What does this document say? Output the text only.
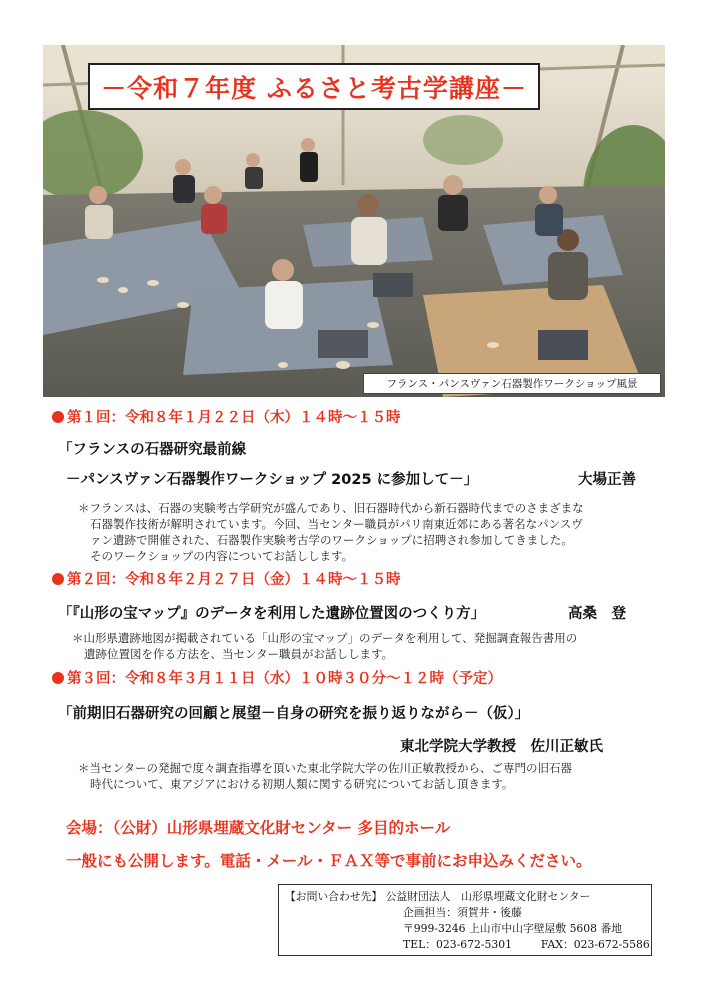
－令和７年度 ふるさと考古学講座－
フランス・パンスヴァン石器製作ワークショップ風景
第１回：令和８年１月２２日（木）１４時～１５時
「フランスの石器研究最前線
－パンスヴァン石器製作ワークショップ 2025 に参加して－」	大場正善
＊フランスは、石器の実験考古学研究が盛んであり、旧石器時代から新石器時代までのさまざまな
石器製作技術が解明されています。今回、当センター職員がパリ南東近郊にある著名なパンスヴ
ァン遺跡で開催された、石器製作実験考古学のワークショップに招聘され参加してきました。
そのワークショップの内容についてお話しします。
第２回：令和８年２月２７日（金）１４時～１５時
「『山形の宝マップ』のデータを利用した遺跡位置図のつくり方」	高桑　登
＊山形県遺跡地図が掲載されている「山形の宝マップ」のデータを利用して、発掘調査報告書用の
遺跡位置図を作る方法を、当センター職員がお話しします。
第３回：令和８年３月１１日（水）１０時３０分～１２時（予定）
「前期旧石器研究の回顧と展望－自身の研究を振り返りながら－（仮）」
東北学院大学教授　佐川正敏氏
＊当センターの発掘で度々調査指導を頂いた東北学院大学の佐川正敏教授から、ご専門の旧石器
時代について、東アジアにおける初期人類に関する研究についてお話し頂きます。
会場：（公財）山形県埋蔵文化財センター 多目的ホール
一般にも公開します。電話・メール・ＦＡＸ等で事前にお申込みください。
【お問い合わせ先】 公益財団法人　山形県埋蔵文化財センター
企画担当：須賀井・後藤
〒999-3246 上山市中山字壁屋敷 5608 番地
TEL：023-672-5301	FAX：023-672-5586
